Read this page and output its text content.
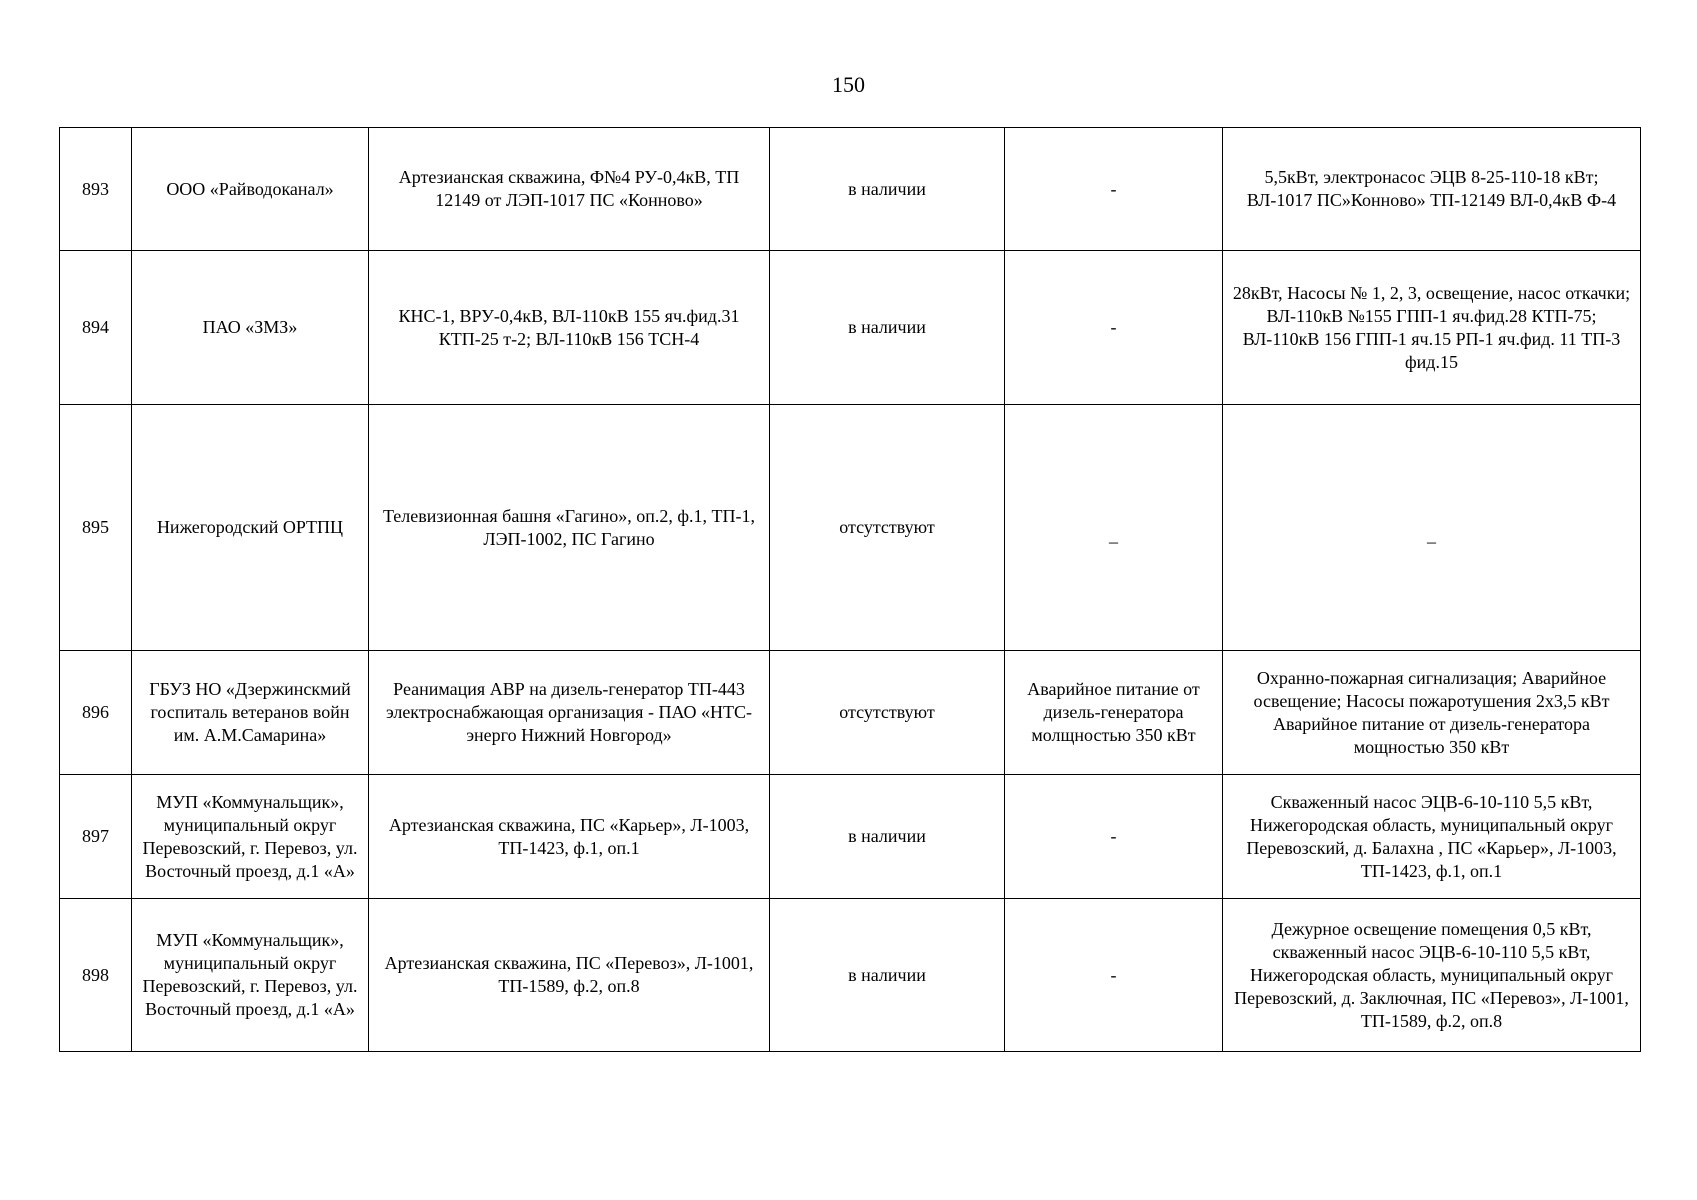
150
893	ООО «Райводоканал»	Артезианская скважина, Ф№4 РУ-0,4кВ, ТП 12149 от ЛЭП-1017 ПС «Конново»	в наличии	-	5,5кВт, электронасос ЭЦВ 8-25-110-18 кВт; ВЛ-1017 ПС»Конново» ТП-12149 ВЛ-0,4кВ Ф-4
894	ПАО «ЗМЗ»	КНС-1, ВРУ-0,4кВ, ВЛ-110кВ 155 яч.фид.31 КТП-25 т-2; ВЛ-110кВ 156 ТСН-4	в наличии	-	28кВт, Насосы № 1, 2, 3, освещение, насос откачки; ВЛ-110кВ №155 ГПП-1 яч.фид.28 КТП-75; ВЛ-110кВ 156 ГПП-1 яч.15 РП-1 яч.фид. 11 ТП-3 фид.15
895	Нижегородский ОРТПЦ	Телевизионная башня «Гагино», оп.2, ф.1, ТП-1, ЛЭП-1002, ПС Гагино	отсутствуют	_	_
896	ГБУЗ НО «Дзержинскмий госпиталь ветеранов войн им. А.М.Самарина»	Реанимация АВР на дизель-генератор ТП-443 электроснабжающая организация - ПАО «НТС-энерго Нижний Новгород»	отсутствуют	Аварийное питание от дизель-генератора молщностью 350 кВт	Охранно-пожарная сигнализация; Аварийное освещение; Насосы пожаротушения 2х3,5 кВт Аварийное питание от дизель-генератора мощностью 350 кВт
897	МУП «Коммунальщик», муниципальный округ Перевозский, г. Перевоз, ул. Восточный проезд, д.1 «А»	Артезианская скважина, ПС «Карьер», Л-1003, ТП-1423, ф.1, оп.1	в наличии	-	Скваженный насос ЭЦВ-6-10-110 5,5 кВт, Нижегородская область, муниципальный округ Перевозский, д. Балахна , ПС «Карьер», Л-1003, ТП-1423, ф.1, оп.1
898	МУП «Коммунальщик», муниципальный округ Перевозский, г. Перевоз, ул. Восточный проезд, д.1 «А»	Артезианская скважина, ПС «Перевоз», Л-1001, ТП-1589, ф.2, оп.8	в наличии	-	Дежурное освещение помещения 0,5 кВт, скваженный насос ЭЦВ-6-10-110 5,5 кВт, Нижегородская область, муниципальный округ Перевозский, д. Заключная, ПС «Перевоз», Л-1001, ТП-1589, ф.2, оп.8
